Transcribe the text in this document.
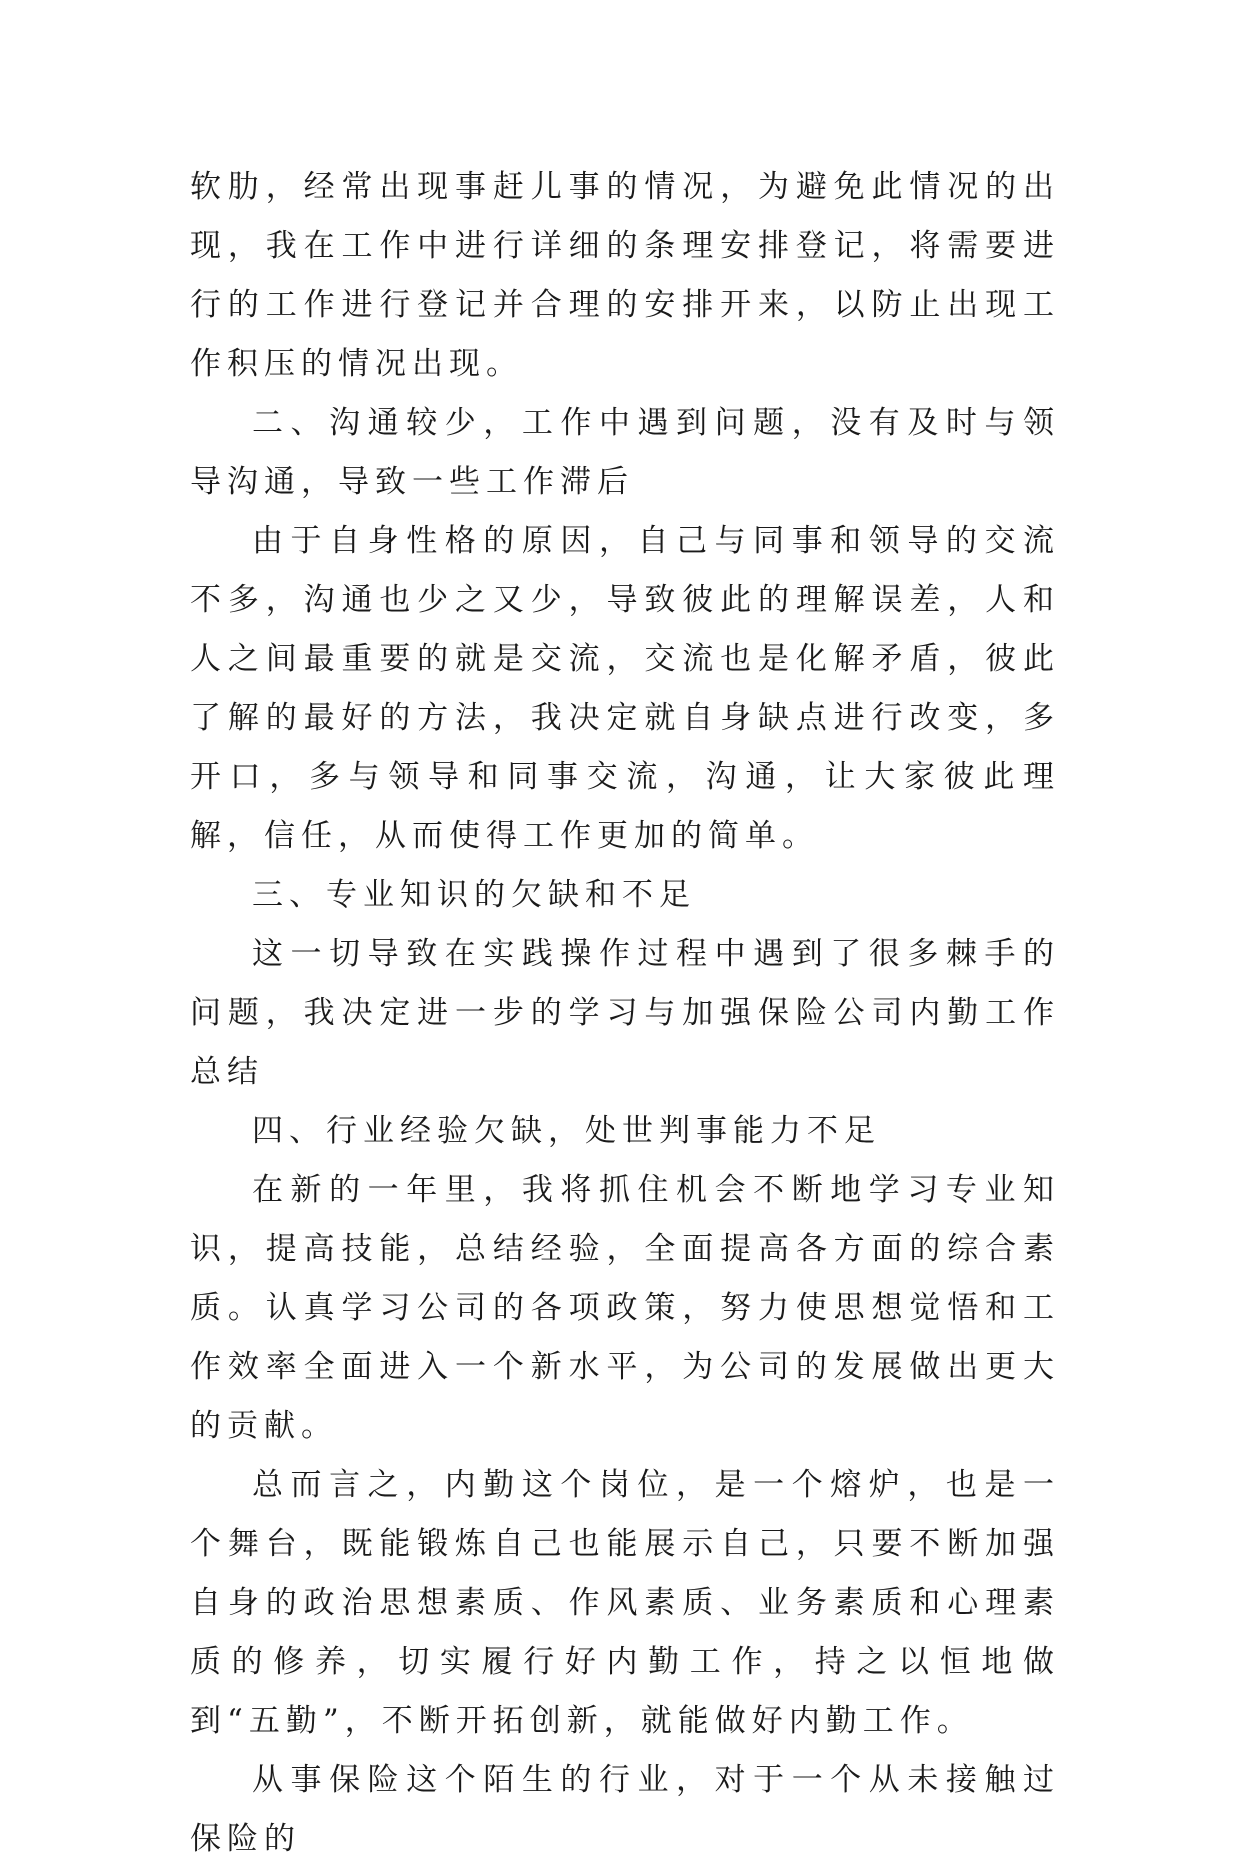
软肋，经常出现事赶儿事的情况，为避免此情况的出现，我在工作中进行详细的条理安排登记，将需要进行的工作进行登记并合理的安排开来，以防止出现工作积压的情况出现。

二、沟通较少，工作中遇到问题，没有及时与领导沟通，导致一些工作滞后

由于自身性格的原因，自己与同事和领导的交流不多，沟通也少之又少，导致彼此的理解误差，人和人之间最重要的就是交流，交流也是化解矛盾，彼此了解的最好的方法，我决定就自身缺点进行改变，多开口，多与领导和同事交流，沟通，让大家彼此理解，信任，从而使得工作更加的简单。

三、专业知识的欠缺和不足

这一切导致在实践操作过程中遇到了很多棘手的问题，我决定进一步的学习与加强保险公司内勤工作总结

四、行业经验欠缺，处世判事能力不足

在新的一年里，我将抓住机会不断地学习专业知识，提高技能，总结经验，全面提高各方面的综合素质。认真学习公司的各项政策，努力使思想觉悟和工作效率全面进入一个新水平，为公司的发展做出更大的贡献。

总而言之，内勤这个岗位，是一个熔炉，也是一个舞台，既能锻炼自己也能展示自己，只要不断加强自身的政治思想素质、作风素质、业务素质和心理素质的修养，切实履行好内勤工作，持之以恒地做到“五勤”，不断开拓创新，就能做好内勤工作。

从事保险这个陌生的行业，对于一个从未接触过保险的
